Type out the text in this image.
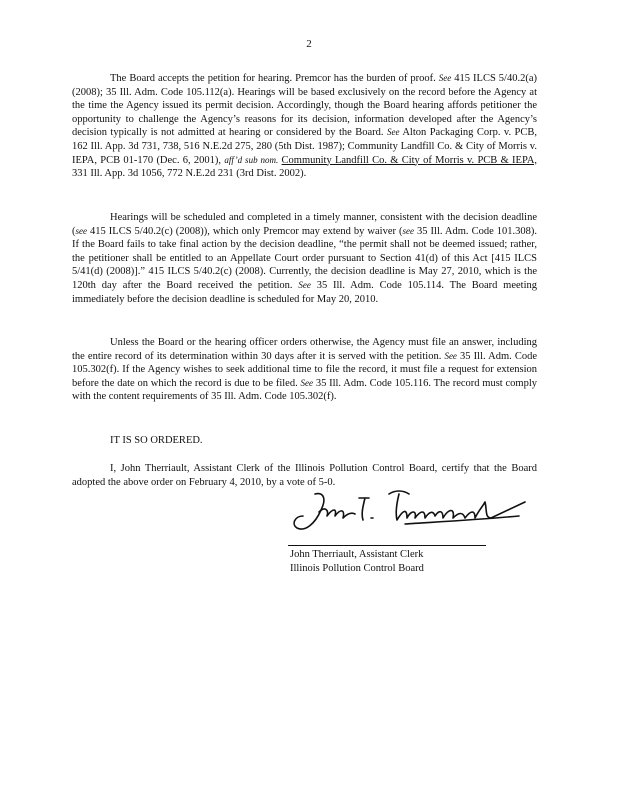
2

The Board accepts the petition for hearing. Premcor has the burden of proof. See 415 ILCS 5/40.2(a) (2008); 35 Ill. Adm. Code 105.112(a). Hearings will be based exclusively on the record before the Agency at the time the Agency issued its permit decision. Accordingly, though the Board hearing affords petitioner the opportunity to challenge the Agency’s reasons for its decision, information developed after the Agency’s decision typically is not admitted at hearing or considered by the Board. See Alton Packaging Corp. v. PCB, 162 Ill. App. 3d 731, 738, 516 N.E.2d 275, 280 (5th Dist. 1987); Community Landfill Co. & City of Morris v. IEPA, PCB 01-170 (Dec. 6, 2001), aff’d sub nom. Community Landfill Co. & City of Morris v. PCB & IEPA, 331 Ill. App. 3d 1056, 772 N.E.2d 231 (3rd Dist. 2002).

Hearings will be scheduled and completed in a timely manner, consistent with the decision deadline (see 415 ILCS 5/40.2(c) (2008)), which only Premcor may extend by waiver (see 35 Ill. Adm. Code 101.308). If the Board fails to take final action by the decision deadline, “the permit shall not be deemed issued; rather, the petitioner shall be entitled to an Appellate Court order pursuant to Section 41(d) of this Act [415 ILCS 5/41(d) (2008)].” 415 ILCS 5/40.2(c) (2008). Currently, the decision deadline is May 27, 2010, which is the 120th day after the Board received the petition. See 35 Ill. Adm. Code 105.114. The Board meeting immediately before the decision deadline is scheduled for May 20, 2010.

Unless the Board or the hearing officer orders otherwise, the Agency must file an answer, including the entire record of its determination within 30 days after it is served with the petition. See 35 Ill. Adm. Code 105.302(f). If the Agency wishes to seek additional time to file the record, it must file a request for extension before the date on which the record is due to be filed. See 35 Ill. Adm. Code 105.116. The record must comply with the content requirements of 35 Ill. Adm. Code 105.302(f).

IT IS SO ORDERED.

I, John Therriault, Assistant Clerk of the Illinois Pollution Control Board, certify that the Board adopted the above order on February 4, 2010, by a vote of 5-0.

John Therriault, Assistant Clerk
Illinois Pollution Control Board
